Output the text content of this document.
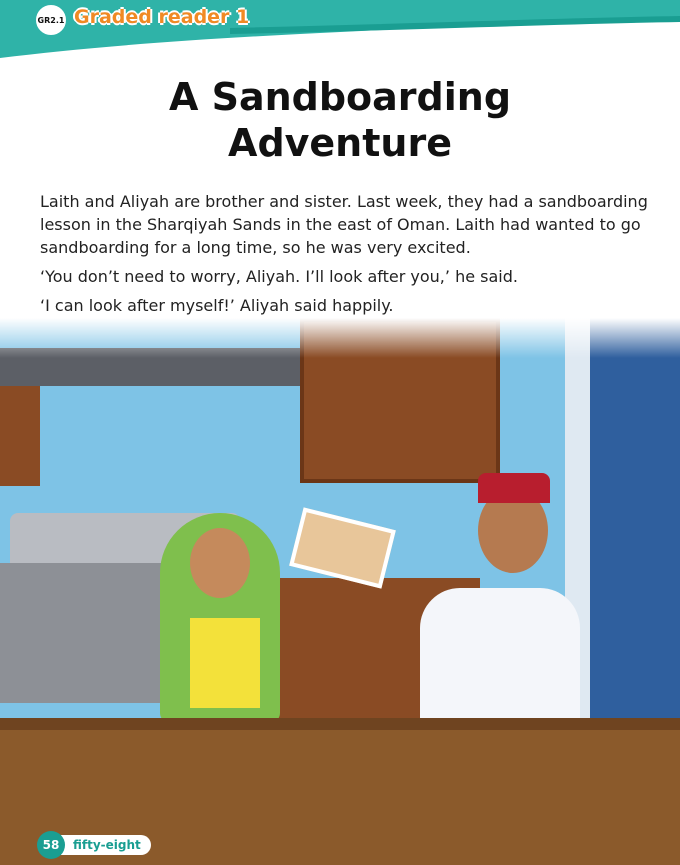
GR2.1 Graded reader 1
A Sandboarding
Adventure

Laith and Aliyah are brother and sister. Last week, they had a sandboarding lesson in the Sharqiyah Sands in the east of Oman. Laith had wanted to go sandboarding for a long time, so he was very excited.

‘You don’t need to worry, Aliyah. I’ll look after you,’ he said.

‘I can look after myself!’ Aliyah said happily.

58	fifty-eight
